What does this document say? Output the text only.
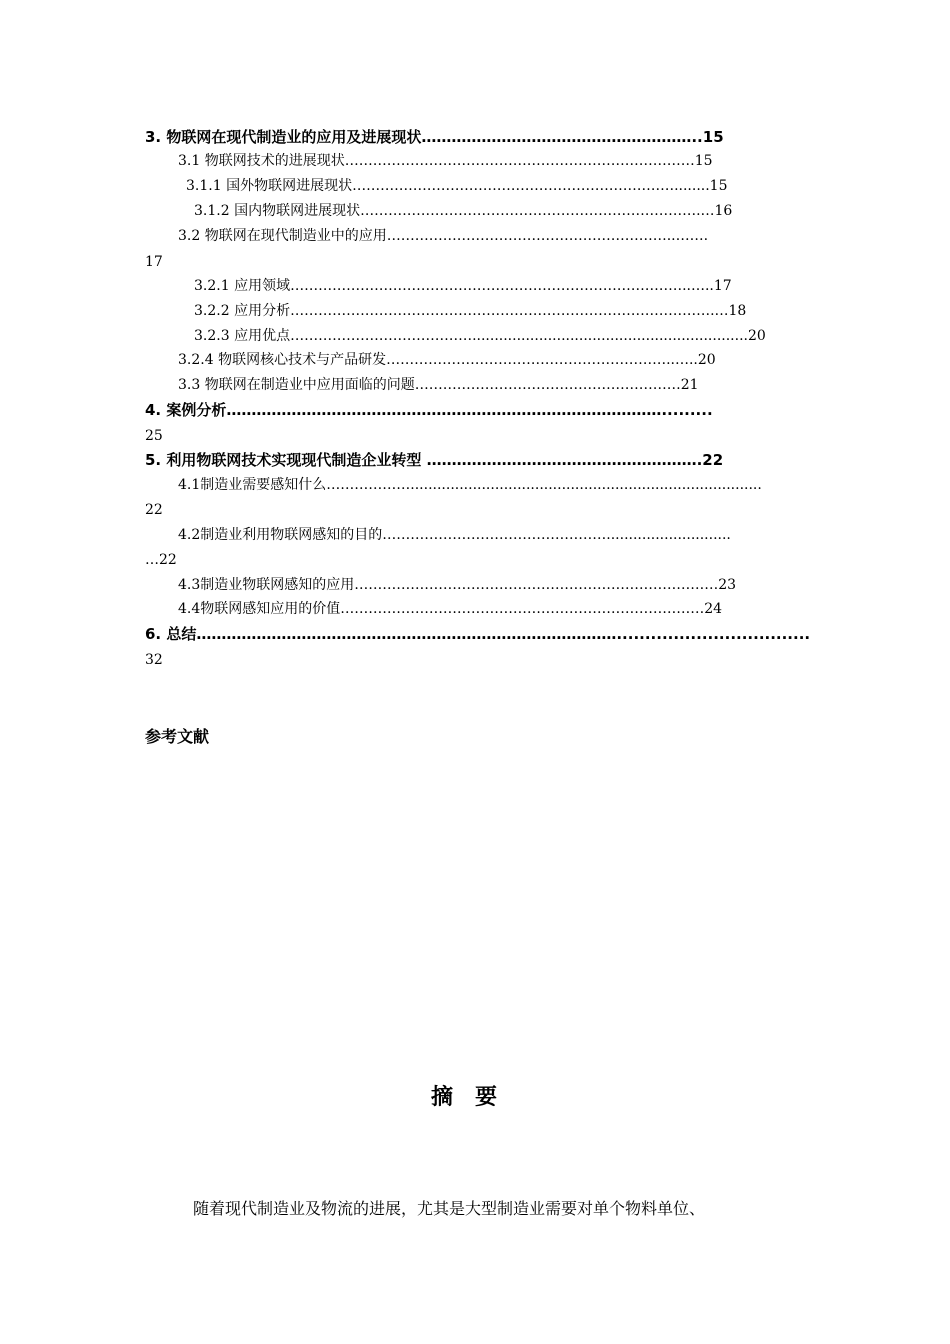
3. 物联网在现代制造业的应用及进展现状………………………………………………..15
3.1 物联网技术的进展现状…………………………………………………………………15
3.1.1 国外物联网进展现状……………………………………………………………........15
3.1.2 国内物联网进展现状……………………………………………………………….…16
3.2 物联网在现代制造业中的应用……………………………………………………..…….
17
3.2.1 应用领域…………………………………………………………………………..…..17
3.2.2 应用分析……………………………………………………………………………….…18
3.2.3 应用优点…………………………………..............................................................20
3.2.4 物联网核心技术与产品研发……………………………………………………..…..20
3.3 物联网在制造业中应用面临的问题…………………………………………………21
4. 案例分析…………………………………………………………………………….........
25
5. 利用物联网技术实现现代制造企业转型 ……………………………………………….22
4.1制造业需要感知什么………………...............................................................................
22
4.2制造业利用物联网感知的目的…………………………………………............................
…22
4.3制造业物联网感知的应用……………………………………………………………………23
4.4物联网感知应用的价值……………………………………………………………………24
6. 总结…………………………………………………………………………..................................
32
参考文献
摘要
随着现代制造业及物流的进展，尤其是大型制造业需要对单个物料单位、
